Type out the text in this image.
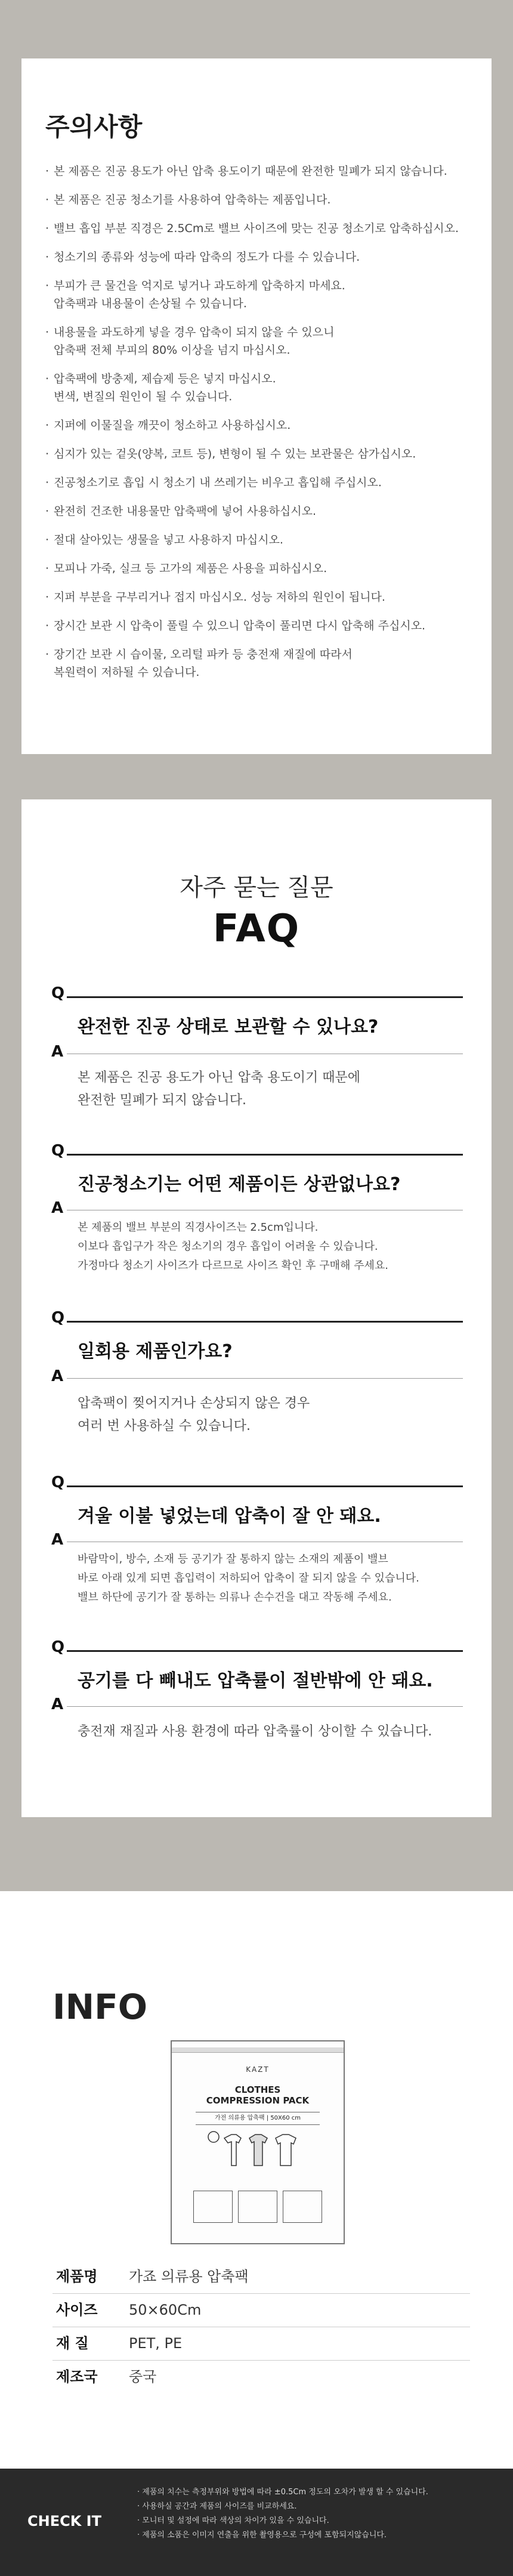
주의사항
· 본 제품은 진공 용도가 아닌 압축 용도이기 때문에 완전한 밀폐가 되지 않습니다.
· 본 제품은 진공 청소기를 사용하여 압축하는 제품입니다.
· 밸브 흡입 부분 직경은 2.5Cm로 밸브 사이즈에 맞는 진공 청소기로 압축하십시오.
· 청소기의 종류와 성능에 따라 압축의 정도가 다를 수 있습니다.
· 부피가 큰 물건을 억지로 넣거나 과도하게 압축하지 마세요.
압축팩과 내용물이 손상될 수 있습니다.
· 내용물을 과도하게 넣을 경우 압축이 되지 않을 수 있으니
압축팩 전체 부피의 80% 이상을 넘지 마십시오.
· 압축팩에 방충제, 제습제 등은 넣지 마십시오.
변색, 변질의 원인이 될 수 있습니다.
· 지퍼에 이물질을 깨끗이 청소하고 사용하십시오.
· 심지가 있는 겉옷(양복, 코트 등), 변형이 될 수 있는 보관물은 삼가십시오.
· 진공청소기로 흡입 시 청소기 내 쓰레기는 비우고 흡입해 주십시오.
· 완전히 건조한 내용물만 압축팩에 넣어 사용하십시오.
· 절대 살아있는 생물을 넣고 사용하지 마십시오.
· 모피나 가죽, 실크 등 고가의 제품은 사용을 피하십시오.
· 지퍼 부분을 구부리거나 접지 마십시오. 성능 저하의 원인이 됩니다.
· 장시간 보관 시 압축이 풀릴 수 있으니 압축이 풀리면 다시 압축해 주십시오.
· 장기간 보관 시 습이물, 오리털 파카 등 충전재 재질에 따라서
복원력이 저하될 수 있습니다.
자주 묻는 질문
FAQ
Q
완전한 진공 상태로 보관할 수 있나요?
A
본 제품은 진공 용도가 아닌 압축 용도이기 때문에
완전한 밀폐가 되지 않습니다.
Q
진공청소기는 어떤 제품이든 상관없나요?
A
본 제품의 밸브 부분의 직경사이즈는 2.5cm입니다.
이보다 흡입구가 작은 청소기의 경우 흡입이 어려울 수 있습니다.
가정마다 청소기 사이즈가 다르므로 사이즈 확인 후 구매해 주세요.
Q
일회용 제품인가요?
A
압축팩이 찢어지거나 손상되지 않은 경우
여러 번 사용하실 수 있습니다.
Q
겨울 이불 넣었는데 압축이 잘 안 돼요.
A
바람막이, 방수, 소재 등 공기가 잘 통하지 않는 소재의 제품이 밸브
바로 아래 있게 되면 흡입력이 저하되어 압축이 잘 되지 않을 수 있습니다.
밸브 하단에 공기가 잘 통하는 의류나 손수건을 대고 작동해 주세요.
Q
공기를 다 빼내도 압축률이 절반밖에 안 돼요.
A
충전재 재질과 사용 환경에 따라 압축률이 상이할 수 있습니다.
INFO
KAZT
CLOTHES
COMPRESSION PACK
가전 의류용 압축팩 | 50X60 cm
제품명 가죠 의류용 압축팩
사이즈 50×60Cm
재 질	PET, PE
제조국 중국
CHECK IT
· 제품의 치수는 측정부위와 방법에 따라 ±0.5Cm 정도의 오차가 발생 할 수 있습니다.
· 사용하실 공간과 제품의 사이즈를 비교하세요.
· 모니터 및 설정에 따라 색상의 차이가 있을 수 있습니다.
· 제품의 소품은 이미지 연출을 위한 촬영용으로 구성에 포함되지않습니다.
